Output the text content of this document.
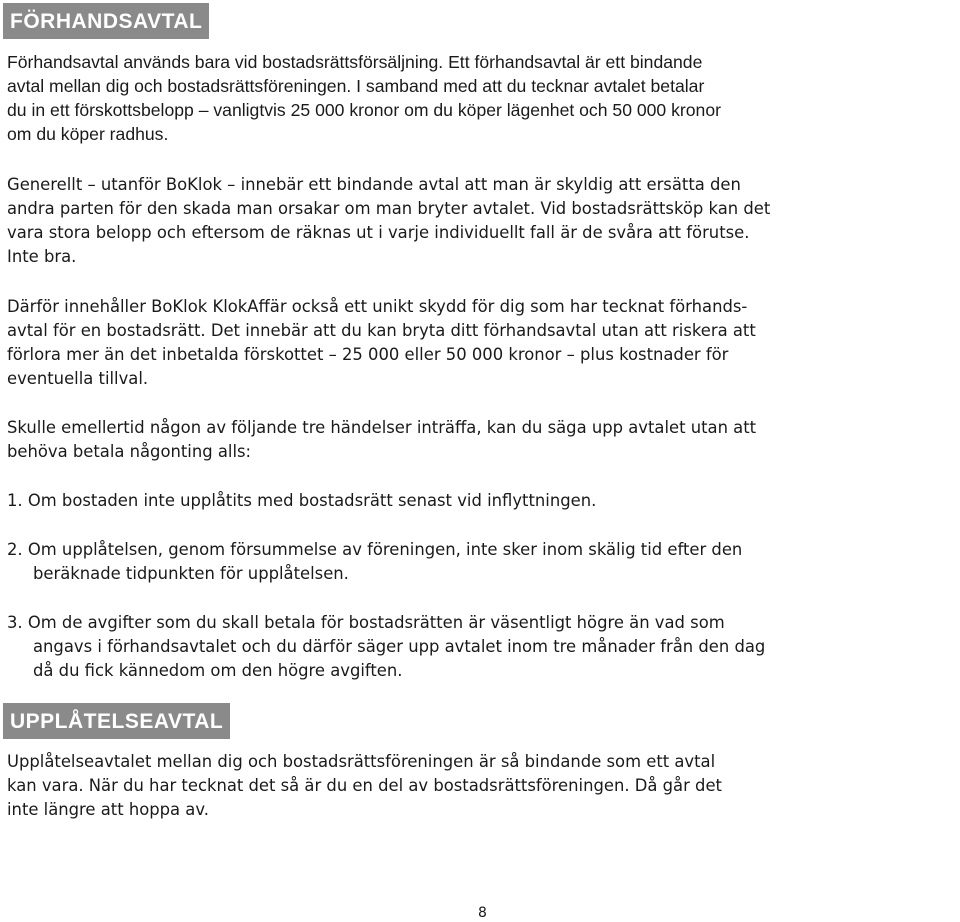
FÖRHANDSAVTAL

Förhandsavtal används bara vid bostadsrättsförsäljning. Ett förhandsavtal är ett bindande
avtal mellan dig och bostadsrättsföreningen. I samband med att du tecknar avtalet betalar
du in ett förskottsbelopp – vanligtvis 25 000 kronor om du köper lägenhet och 50 000 kronor
om du köper radhus.

Generellt – utanför BoKlok – innebär ett bindande avtal att man är skyldig att ersätta den
andra parten för den skada man orsakar om man bryter avtalet. Vid bostadsrättsköp kan det
vara stora belopp och eftersom de räknas ut i varje individuellt fall är de svåra att förutse.
Inte bra.

Därför innehåller BoKlok KlokAffär också ett unikt skydd för dig som har tecknat förhands-
avtal för en bostadsrätt. Det innebär att du kan bryta ditt förhandsavtal utan att riskera att
förlora mer än det inbetalda förskottet – 25 000 eller 50 000 kronor – plus kostnader för
eventuella tillval.

Skulle emellertid någon av följande tre händelser inträffa, kan du säga upp avtalet utan att
behöva betala någonting alls:

1. Om bostaden inte upplåtits med bostadsrätt senast vid inflyttningen.

2. Om upplåtelsen, genom försummelse av föreningen, inte sker inom skälig tid efter den
beräknade tidpunkten för upplåtelsen.

3. Om de avgifter som du skall betala för bostadsrätten är väsentligt högre än vad som
angavs i förhandsavtalet och du därför säger upp avtalet inom tre månader från den dag
då du fick kännedom om den högre avgiften.

UPPLÅTELSEAVTAL

Upplåtelseavtalet mellan dig och bostadsrättsföreningen är så bindande som ett avtal
kan vara. När du har tecknat det så är du en del av bostadsrättsföreningen. Då går det
inte längre att hoppa av.

8
